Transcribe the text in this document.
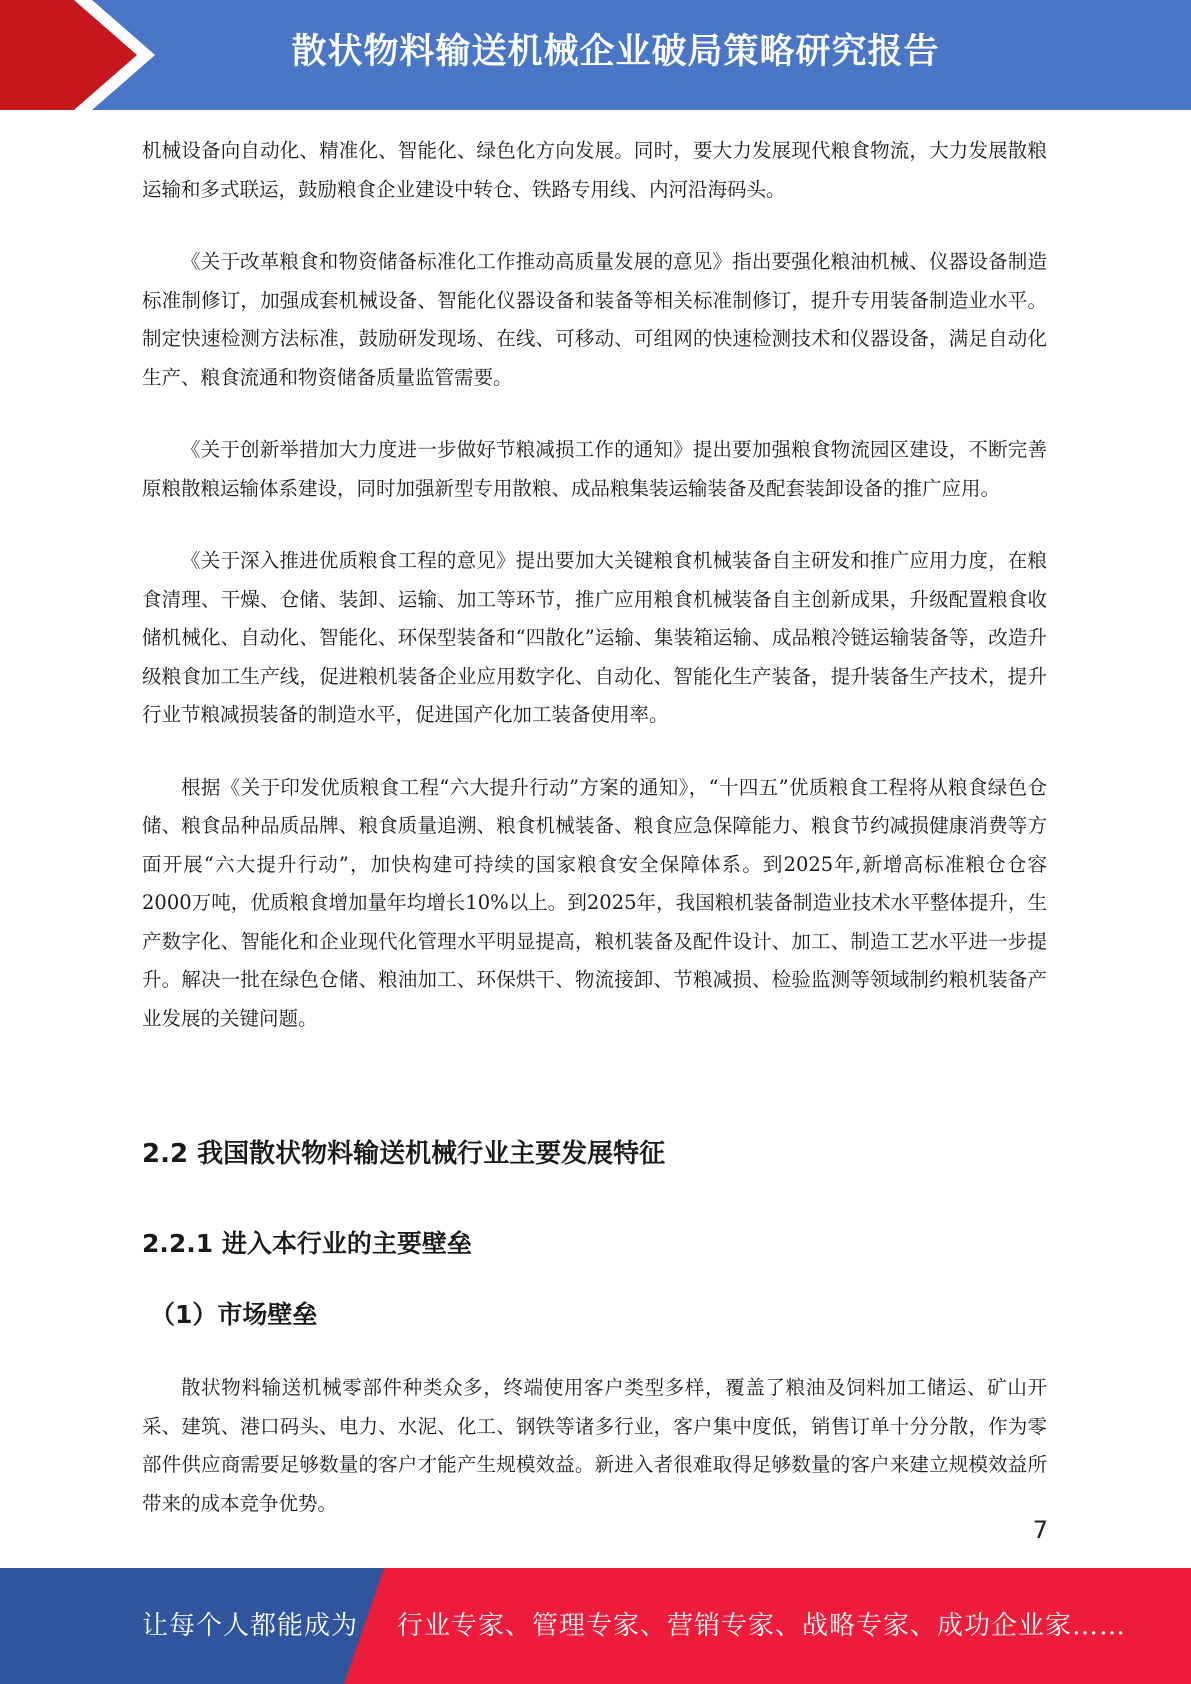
散状物料输送机械企业破局策略研究报告

机械设备向自动化、精准化、智能化、绿色化方向发展。同时，要大力发展现代粮食物流，大力发展散粮运输和多式联运，鼓励粮食企业建设中转仓、铁路专用线、内河沿海码头。

《关于改革粮食和物资储备标准化工作推动高质量发展的意见》指出要强化粮油机械、仪器设备制造标准制修订，加强成套机械设备、智能化仪器设备和装备等相关标准制修订，提升专用装备制造业水平。制定快速检测方法标准，鼓励研发现场、在线、可移动、可组网的快速检测技术和仪器设备，满足自动化生产、粮食流通和物资储备质量监管需要。

《关于创新举措加大力度进一步做好节粮减损工作的通知》提出要加强粮食物流园区建设，不断完善原粮散粮运输体系建设，同时加强新型专用散粮、成品粮集装运输装备及配套装卸设备的推广应用。

《关于深入推进优质粮食工程的意见》提出要加大关键粮食机械装备自主研发和推广应用力度，在粮食清理、干燥、仓储、装卸、运输、加工等环节，推广应用粮食机械装备自主创新成果，升级配置粮食收储机械化、自动化、智能化、环保型装备和“四散化”运输、集装箱运输、成品粮冷链运输装备等，改造升级粮食加工生产线，促进粮机装备企业应用数字化、自动化、智能化生产装备，提升装备生产技术，提升行业节粮减损装备的制造水平，促进国产化加工装备使用率。

根据《关于印发优质粮食工程“六大提升行动”方案的通知》，“十四五”优质粮食工程将从粮食绿色仓储、粮食品种品质品牌、粮食质量追溯、粮食机械装备、粮食应急保障能力、粮食节约减损健康消费等方面开展“六大提升行动”，加快构建可持续的国家粮食安全保障体系。到2025年,新增高标准粮仓仓容2000万吨，优质粮食增加量年均增长10%以上。到2025年，我国粮机装备制造业技术水平整体提升，生产数字化、智能化和企业现代化管理水平明显提高，粮机装备及配件设计、加工、制造工艺水平进一步提升。解决一批在绿色仓储、粮油加工、环保烘干、物流接卸、节粮减损、检验监测等领域制约粮机装备产业发展的关键问题。

2.2 我国散状物料输送机械行业主要发展特征
2.2.1 进入本行业的主要壁垒
（1）市场壁垒

散状物料输送机械零部件种类众多，终端使用客户类型多样，覆盖了粮油及饲料加工储运、矿山开采、建筑、港口码头、电力、水泥、化工、钢铁等诸多行业，客户集中度低，销售订单十分分散，作为零部件供应商需要足够数量的客户才能产生规模效益。新进入者很难取得足够数量的客户来建立规模效益所带来的成本竞争优势。

7
让每个人都能成为 行业专家、管理专家、营销专家、战略专家、成功企业家……
